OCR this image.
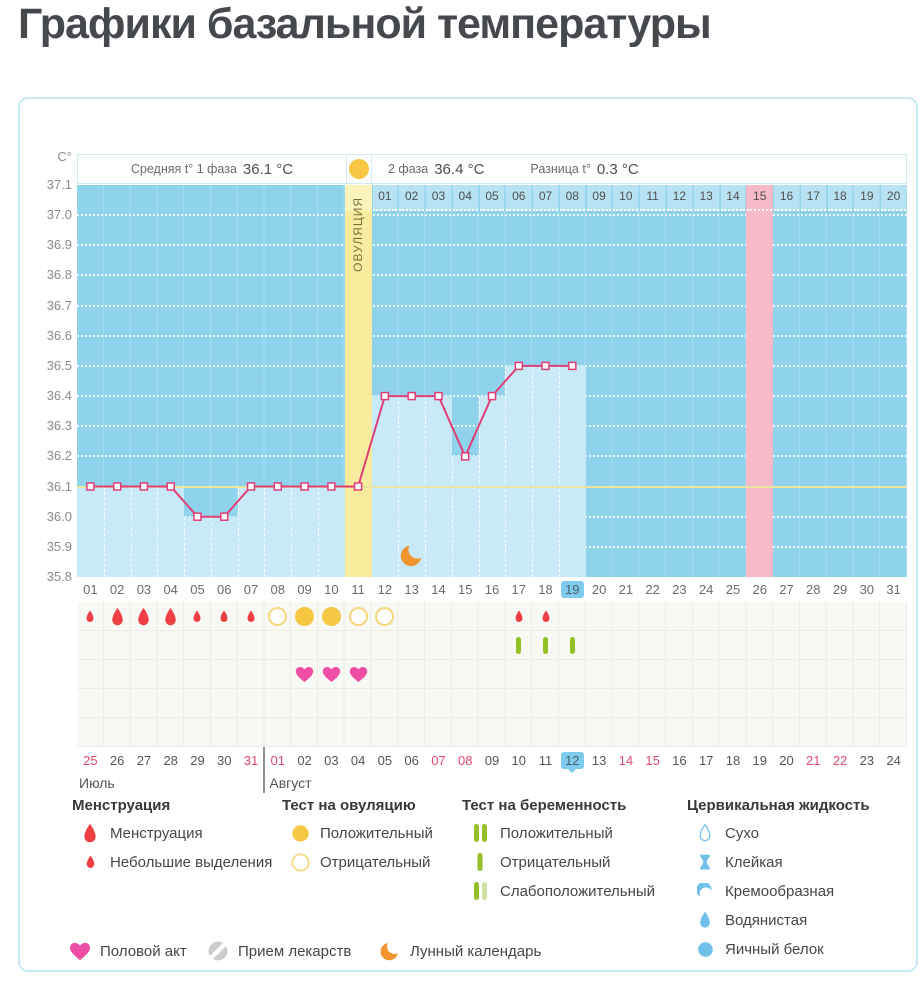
Графики базальной температуры
С°
Средняя t° 1 фаза 36.1 °C	2 фаза 36.4 °C	Разница t° 0.3 °C
37.1
37.0
36.9
36.8
36.7
36.6
36.5
36.4
36.3
36.2
36.1
36.0
35.9
35.8
ОВУЛЯЦИЯ
01	02	03	04	05	06	07	08	09	10	11	12	13	14	15	16	17	18	19	20
01 02 03 04 05 06 07 08 09 10 11 12 13 14 15 16 17 18 19 20 21 22 23 24 25 26 27 28 29 30 31
25 26 27 28 29 30 31 01 02 03 04 05 06 07 08 09 10 11 12 13 14 15 16 17 18 19 20 21 22 23 24
Июль	Август
Менструация
Менструация
Небольшие выделения
Тест на овуляцию
Положительный
Отрицательный
Тест на беременность
Положительный
Отрицательный
Слабоположительный
Цервикальная жидкость
Сухо
Клейкая
Кремообразная
Водянистая
Яичный белок
Половой акт	Прием лекарств	Лунный календарь
